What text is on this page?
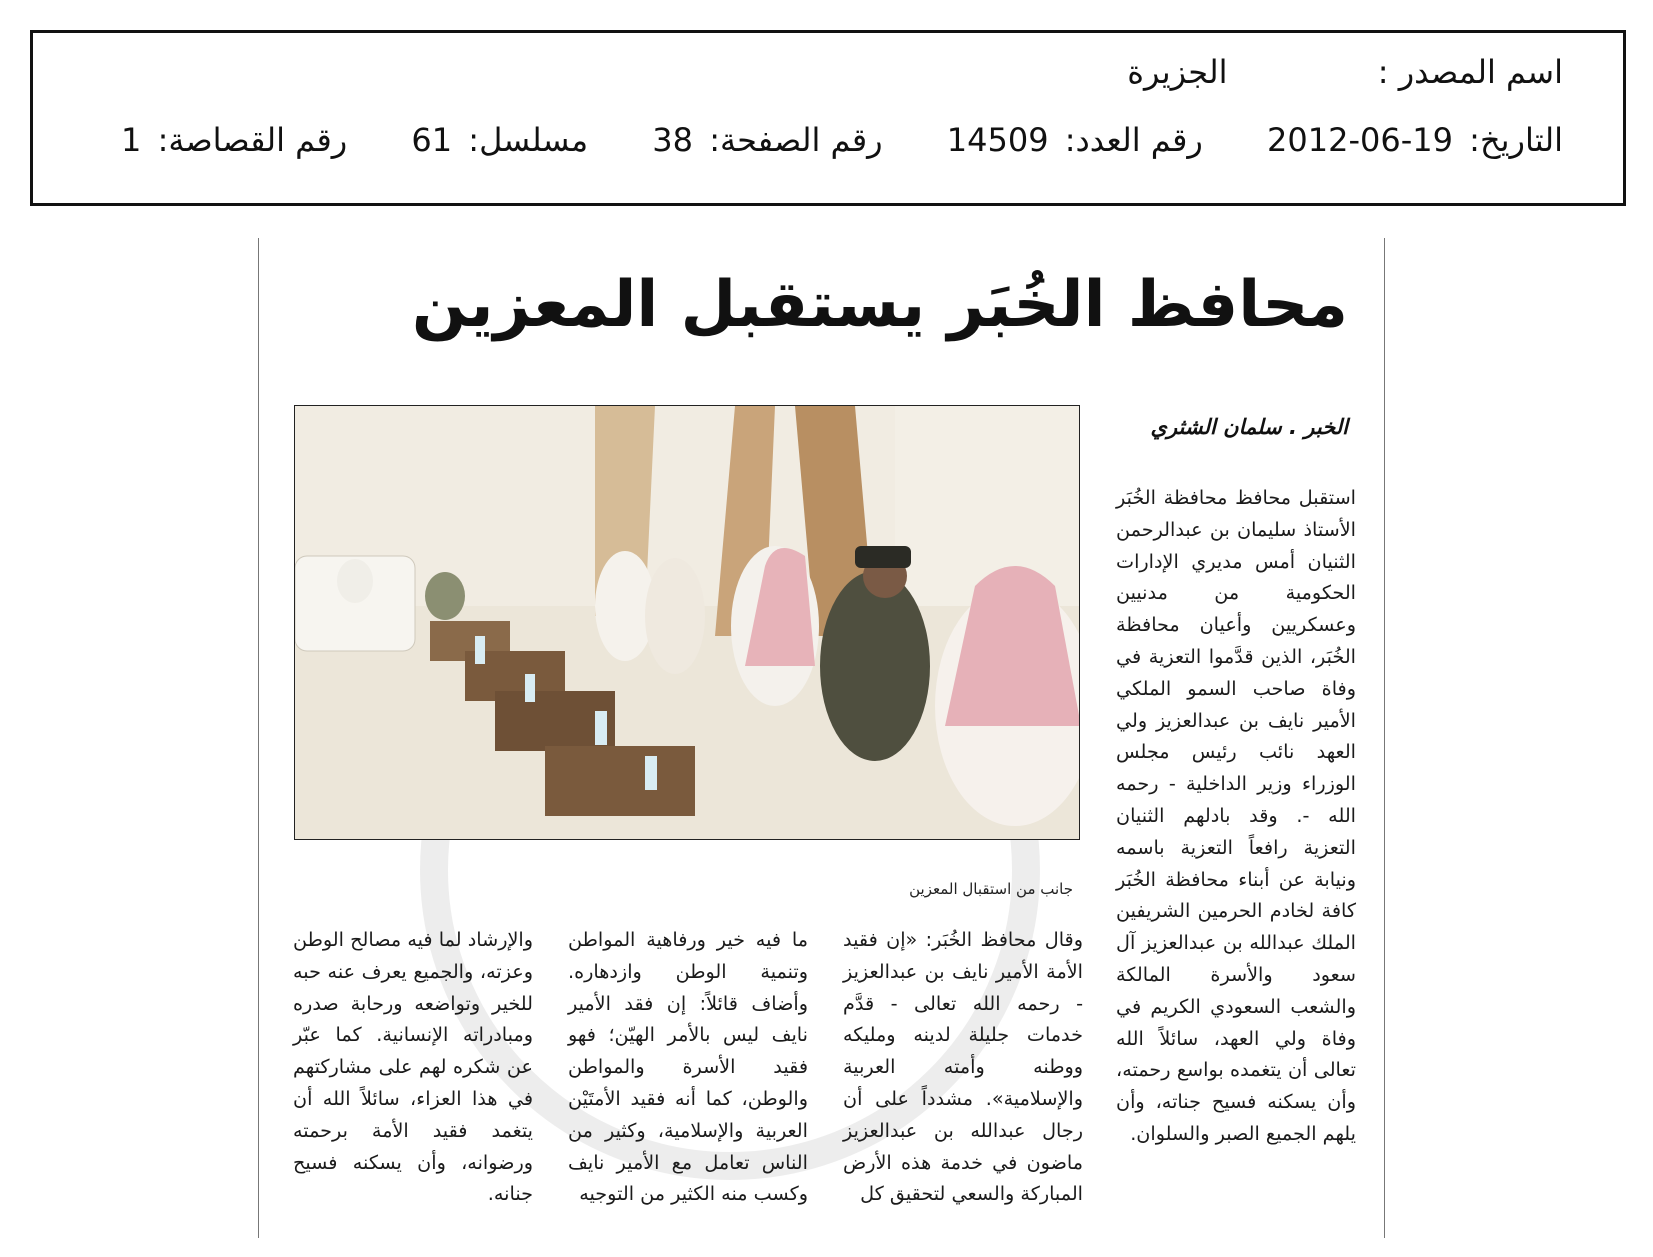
اسم المصدر : الجزيرة
التاريخ: 2012-06-19 رقم العدد: 14509 رقم الصفحة: 38 مسلسل: 61 رقم القصاصة: 1
محافظ الخُبَر يستقبل المعزين
الخبر . سلمان الشثري
جانب من استقبال المعزين

استقبل محافظ محافظة الخُبَر الأستاذ سليمان بن عبدالرحمن الثنيان أمس مديري الإدارات الحكومية من مدنيين وعسكريين وأعيان محافظة الخُبَر، الذين قدَّموا التعزية في وفاة صاحب السمو الملكي الأمير نايف بن عبدالعزيز ولي العهد نائب رئيس مجلس الوزراء وزير الداخلية - رحمه الله -. وقد بادلهم الثنيان التعزية رافعاً التعزية باسمه ونيابة عن أبناء محافظة الخُبَر كافة لخادم الحرمين الشريفين الملك عبدالله بن عبدالعزيز آل سعود والأسرة المالكة والشعب السعودي الكريم في وفاة ولي العهد، سائلاً الله تعالى أن يتغمده بواسع رحمته، وأن يسكنه فسيح جناته، وأن يلهم الجميع الصبر والسلوان.

وقال محافظ الخُبَر: «إن فقيد الأمة الأمير نايف بن عبدالعزيز - رحمه الله تعالى - قدَّم خدمات جليلة لدينه ومليكه ووطنه وأمته العربية والإسلامية». مشدداً على أن رجال عبدالله بن عبدالعزيز ماضون في خدمة هذه الأرض المباركة والسعي لتحقيق كل

ما فيه خير ورفاهية المواطن وتنمية الوطن وازدهاره. وأضاف قائلاً: إن فقد الأمير نايف ليس بالأمر الهيّن؛ فهو فقيد الأسرة والمواطن والوطن، كما أنه فقيد الأمتَيْن العربية والإسلامية، وكثير من الناس تعامل مع الأمير نايف وكسب منه الكثير من التوجيه

والإرشاد لما فيه مصالح الوطن وعزته، والجميع يعرف عنه حبه للخير وتواضعه ورحابة صدره ومبادراته الإنسانية. كما عبّر عن شكره لهم على مشاركتهم في هذا العزاء، سائلاً الله أن يتغمد فقيد الأمة برحمته ورضوانه، وأن يسكنه فسيح جنانه.
